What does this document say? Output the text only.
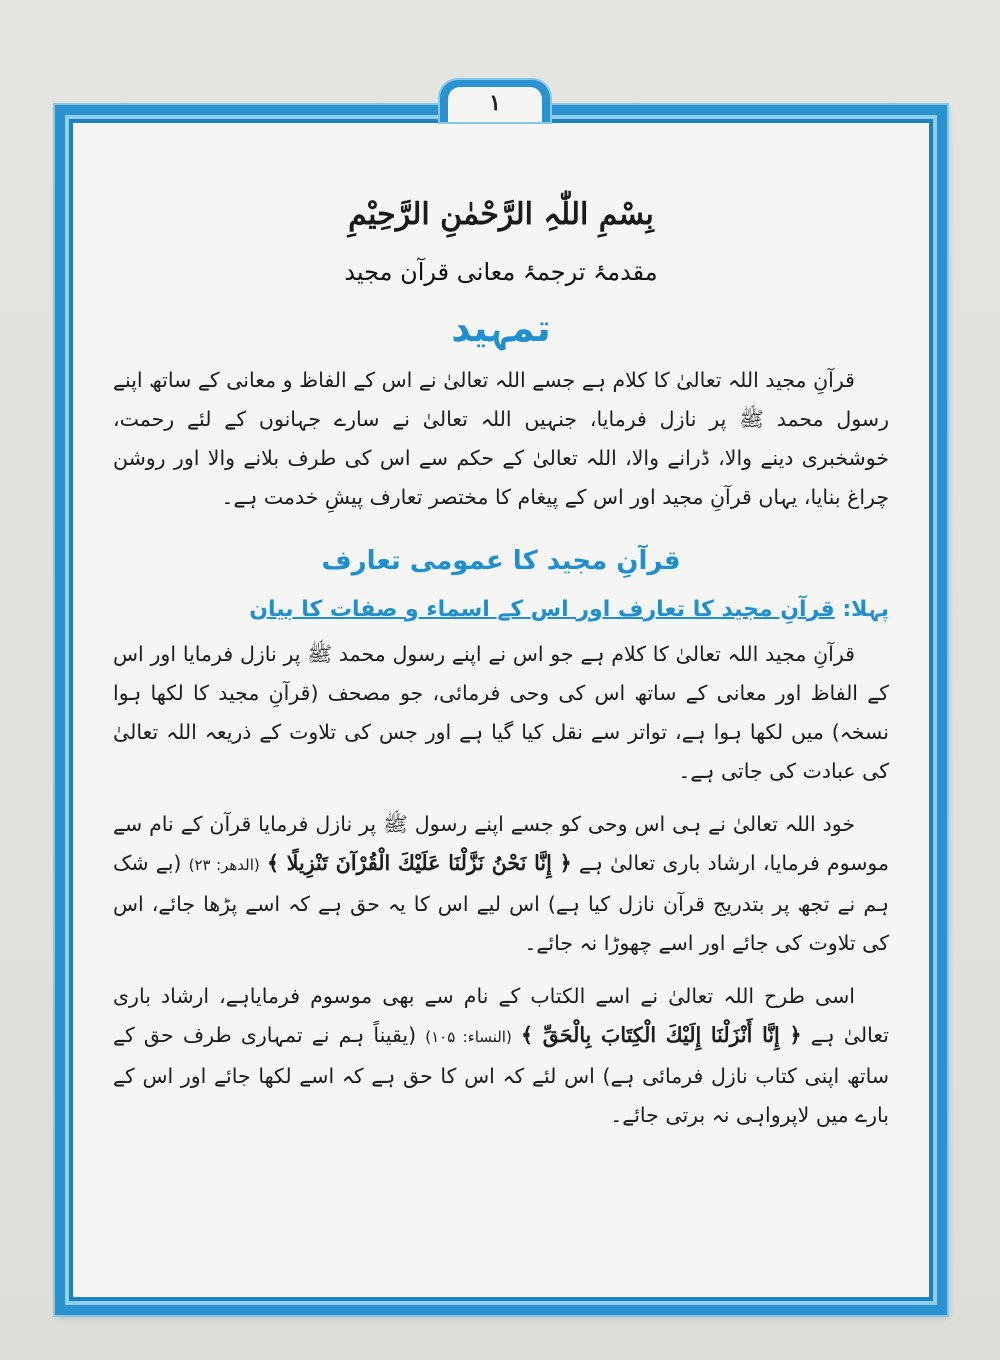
بِسْمِ اللّٰہِ الرَّحْمٰنِ الرَّحِیْمِ
مقدمۂ ترجمۂ معانی قرآن مجید
تمہید

قرآنِ مجید اللہ تعالیٰ کا کلام ہے جسے اللہ تعالیٰ نے اس کے الفاظ و معانی کے ساتھ اپنے رسول محمد ﷺ پر نازل فرمایا، جنہیں اللہ تعالیٰ نے سارے جہانوں کے لئے رحمت، خوشخبری دینے والا، ڈرانے والا، اللہ تعالیٰ کے حکم سے اس کی طرف بلانے والا اور روشن چراغ بنایا، یہاں قرآنِ مجید اور اس کے پیغام کا مختصر تعارف پیشِ خدمت ہے۔

قرآنِ مجید کا عمومی تعارف
پہلا: قرآنِ مجید کا تعارف اور اس کے اسماء و صفات کا بیان

قرآنِ مجید اللہ تعالیٰ کا کلام ہے جو اس نے اپنے رسول محمد ﷺ پر نازل فرمایا اور اس کے الفاظ اور معانی کے ساتھ اس کی وحی فرمائی، جو مصحف (قرآنِ مجید کا لکھا ہوا نسخہ) میں لکھا ہوا ہے، تواتر سے نقل کیا گیا ہے اور جس کی تلاوت کے ذریعہ اللہ تعالیٰ کی عبادت کی جاتی ہے۔

خود اللہ تعالیٰ نے ہی اس وحی کو جسے اپنے رسول ﷺ پر نازل فرمایا قرآن کے نام سے موسوم فرمایا، ارشاد باری تعالیٰ ہے ﴿ إِنَّا نَحْنُ نَزَّلْنَا عَلَيْكَ الْقُرْآنَ تَنْزِيلًا ﴾ (الدھر: ۲۳) (بے شک ہم نے تجھ پر بتدریج قرآن نازل کیا ہے) اس لیے اس کا یہ حق ہے کہ اسے پڑھا جائے، اس کی تلاوت کی جائے اور اسے چھوڑا نہ جائے۔

اسی طرح اللہ تعالیٰ نے اسے الکتاب کے نام سے بھی موسوم فرمایاہے، ارشاد باری تعالیٰ ہے ﴿ إِنَّا أَنْزَلْنَا إِلَيْكَ الْكِتَابَ بِالْحَقِّ ﴾ (النساء: ۱۰۵) (یقیناً ہم نے تمہاری طرف حق کے ساتھ اپنی کتاب نازل فرمائی ہے) اس لئے کہ اس کا حق ہے کہ اسے لکھا جائے اور اس کے بارے میں لاپرواہی نہ برتی جائے۔

۱
